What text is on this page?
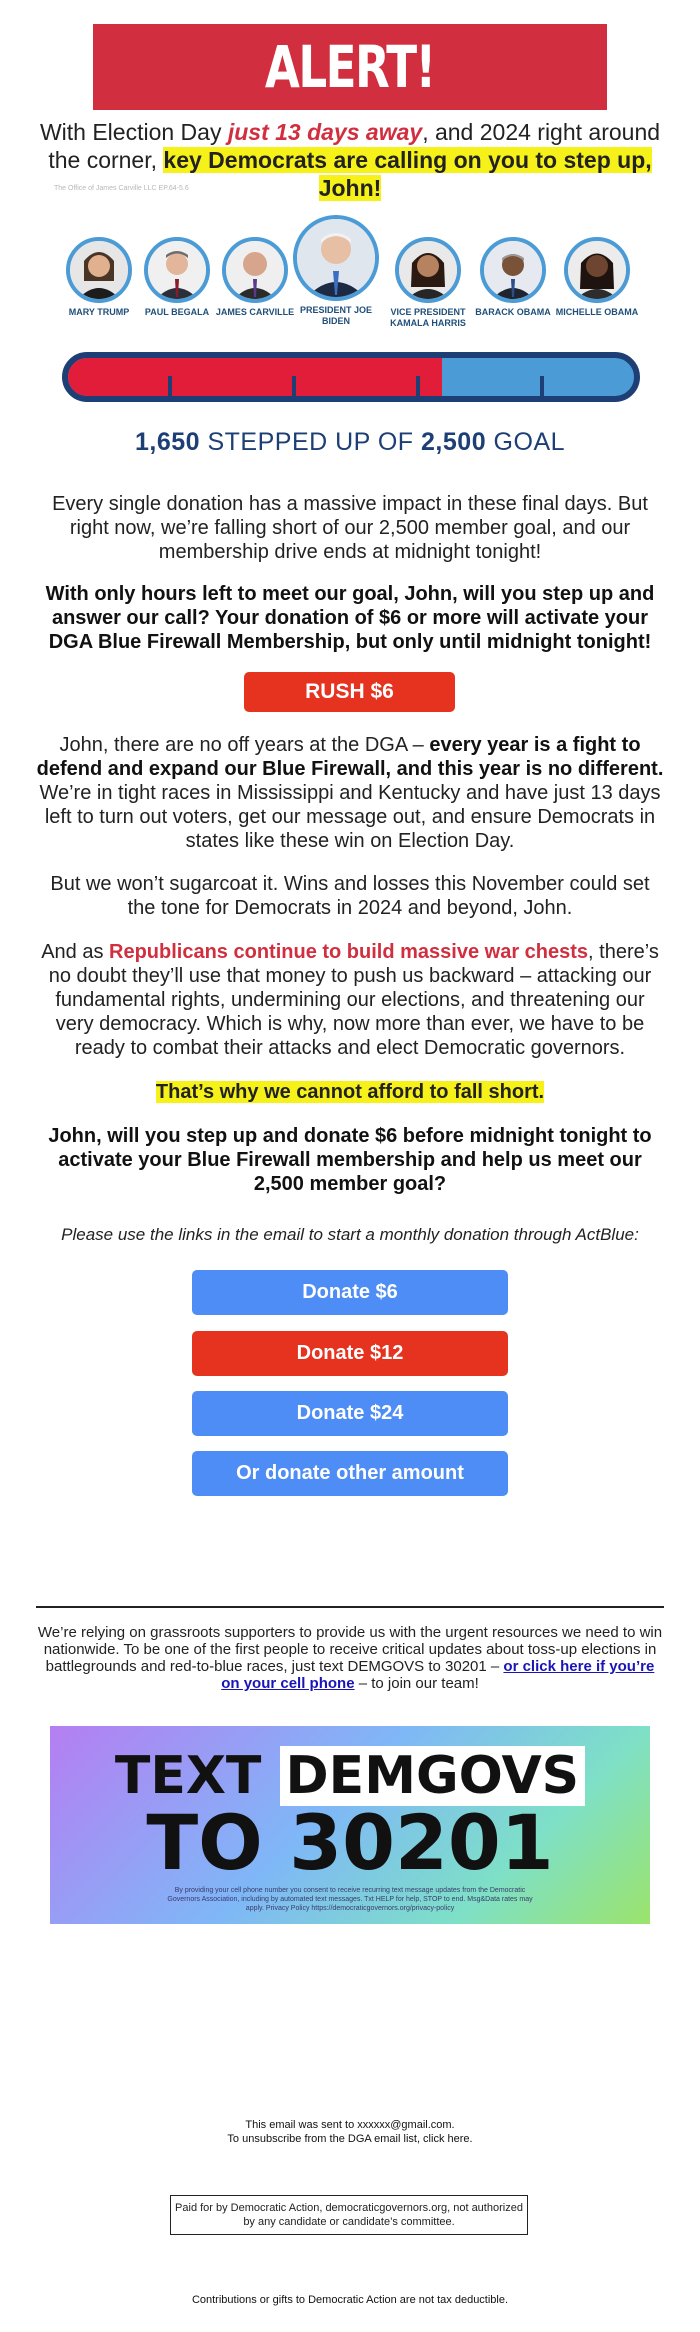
ALERT!
With Election Day just 13 days away, and 2024 right around the corner, key Democrats are calling on you to step up, John!
The Office of James Carville LLC EP.64-5.6
MARY TRUMP	PAUL BEGALA JAMES CARVILLE PRESIDENT JOE BIDEN
VICE PRESIDENT KAMALA HARRIS
BARACK OBAMA MICHELLE OBAMA
1,650 STEPPED UP OF 2,500 GOAL
Every single donation has a massive impact in these final days. But right now, we’re falling short of our 2,500 member goal, and our membership drive ends at midnight tonight!
With only hours left to meet our goal, John, will you step up and answer our call? Your donation of $6 or more will activate your DGA Blue Firewall Membership, but only until midnight tonight!
RUSH $6
John, there are no off years at the DGA – every year is a fight to defend and expand our Blue Firewall, and this year is no different. We’re in tight races in Mississippi and Kentucky and have just 13 days left to turn out voters, get our message out, and ensure Democrats in states like these win on Election Day.
But we won’t sugarcoat it. Wins and losses this November could set the tone for Democrats in 2024 and beyond, John.
And as Republicans continue to build massive war chests, there’s no doubt they’ll use that money to push us backward – attacking our fundamental rights, undermining our elections, and threatening our very democracy. Which is why, now more than ever, we have to be ready to combat their attacks and elect Democratic governors.
That’s why we cannot afford to fall short.
John, will you step up and donate $6 before midnight tonight to activate your Blue Firewall membership and help us meet our 2,500 member goal?
Please use the links in the email to start a monthly donation through ActBlue:
Donate $6
Donate $12
Donate $24
Or donate other amount
We’re relying on grassroots supporters to provide us with the urgent resources we need to win nationwide. To be one of the first people to receive critical updates about toss-up elections in battlegrounds and red-to-blue races, just text DEMGOVS to 30201 – or click here if you’re on your cell phone – to join our team!
TEXT DEMGOVS
TO 30201
By providing your cell phone number you consent to receive recurring text message updates from the Democratic Governors Association, including by automated text messages. Txt HELP for help, STOP to end. Msg&Data rates may apply. Privacy Policy https://democraticgovernors.org/privacy-policy
This email was sent to xxxxxx@gmail.com.
To unsubscribe from the DGA email list, click here.
Paid for by Democratic Action, democraticgovernors.org, not authorized by any candidate or candidate’s committee.
Contributions or gifts to Democratic Action are not tax deductible.
